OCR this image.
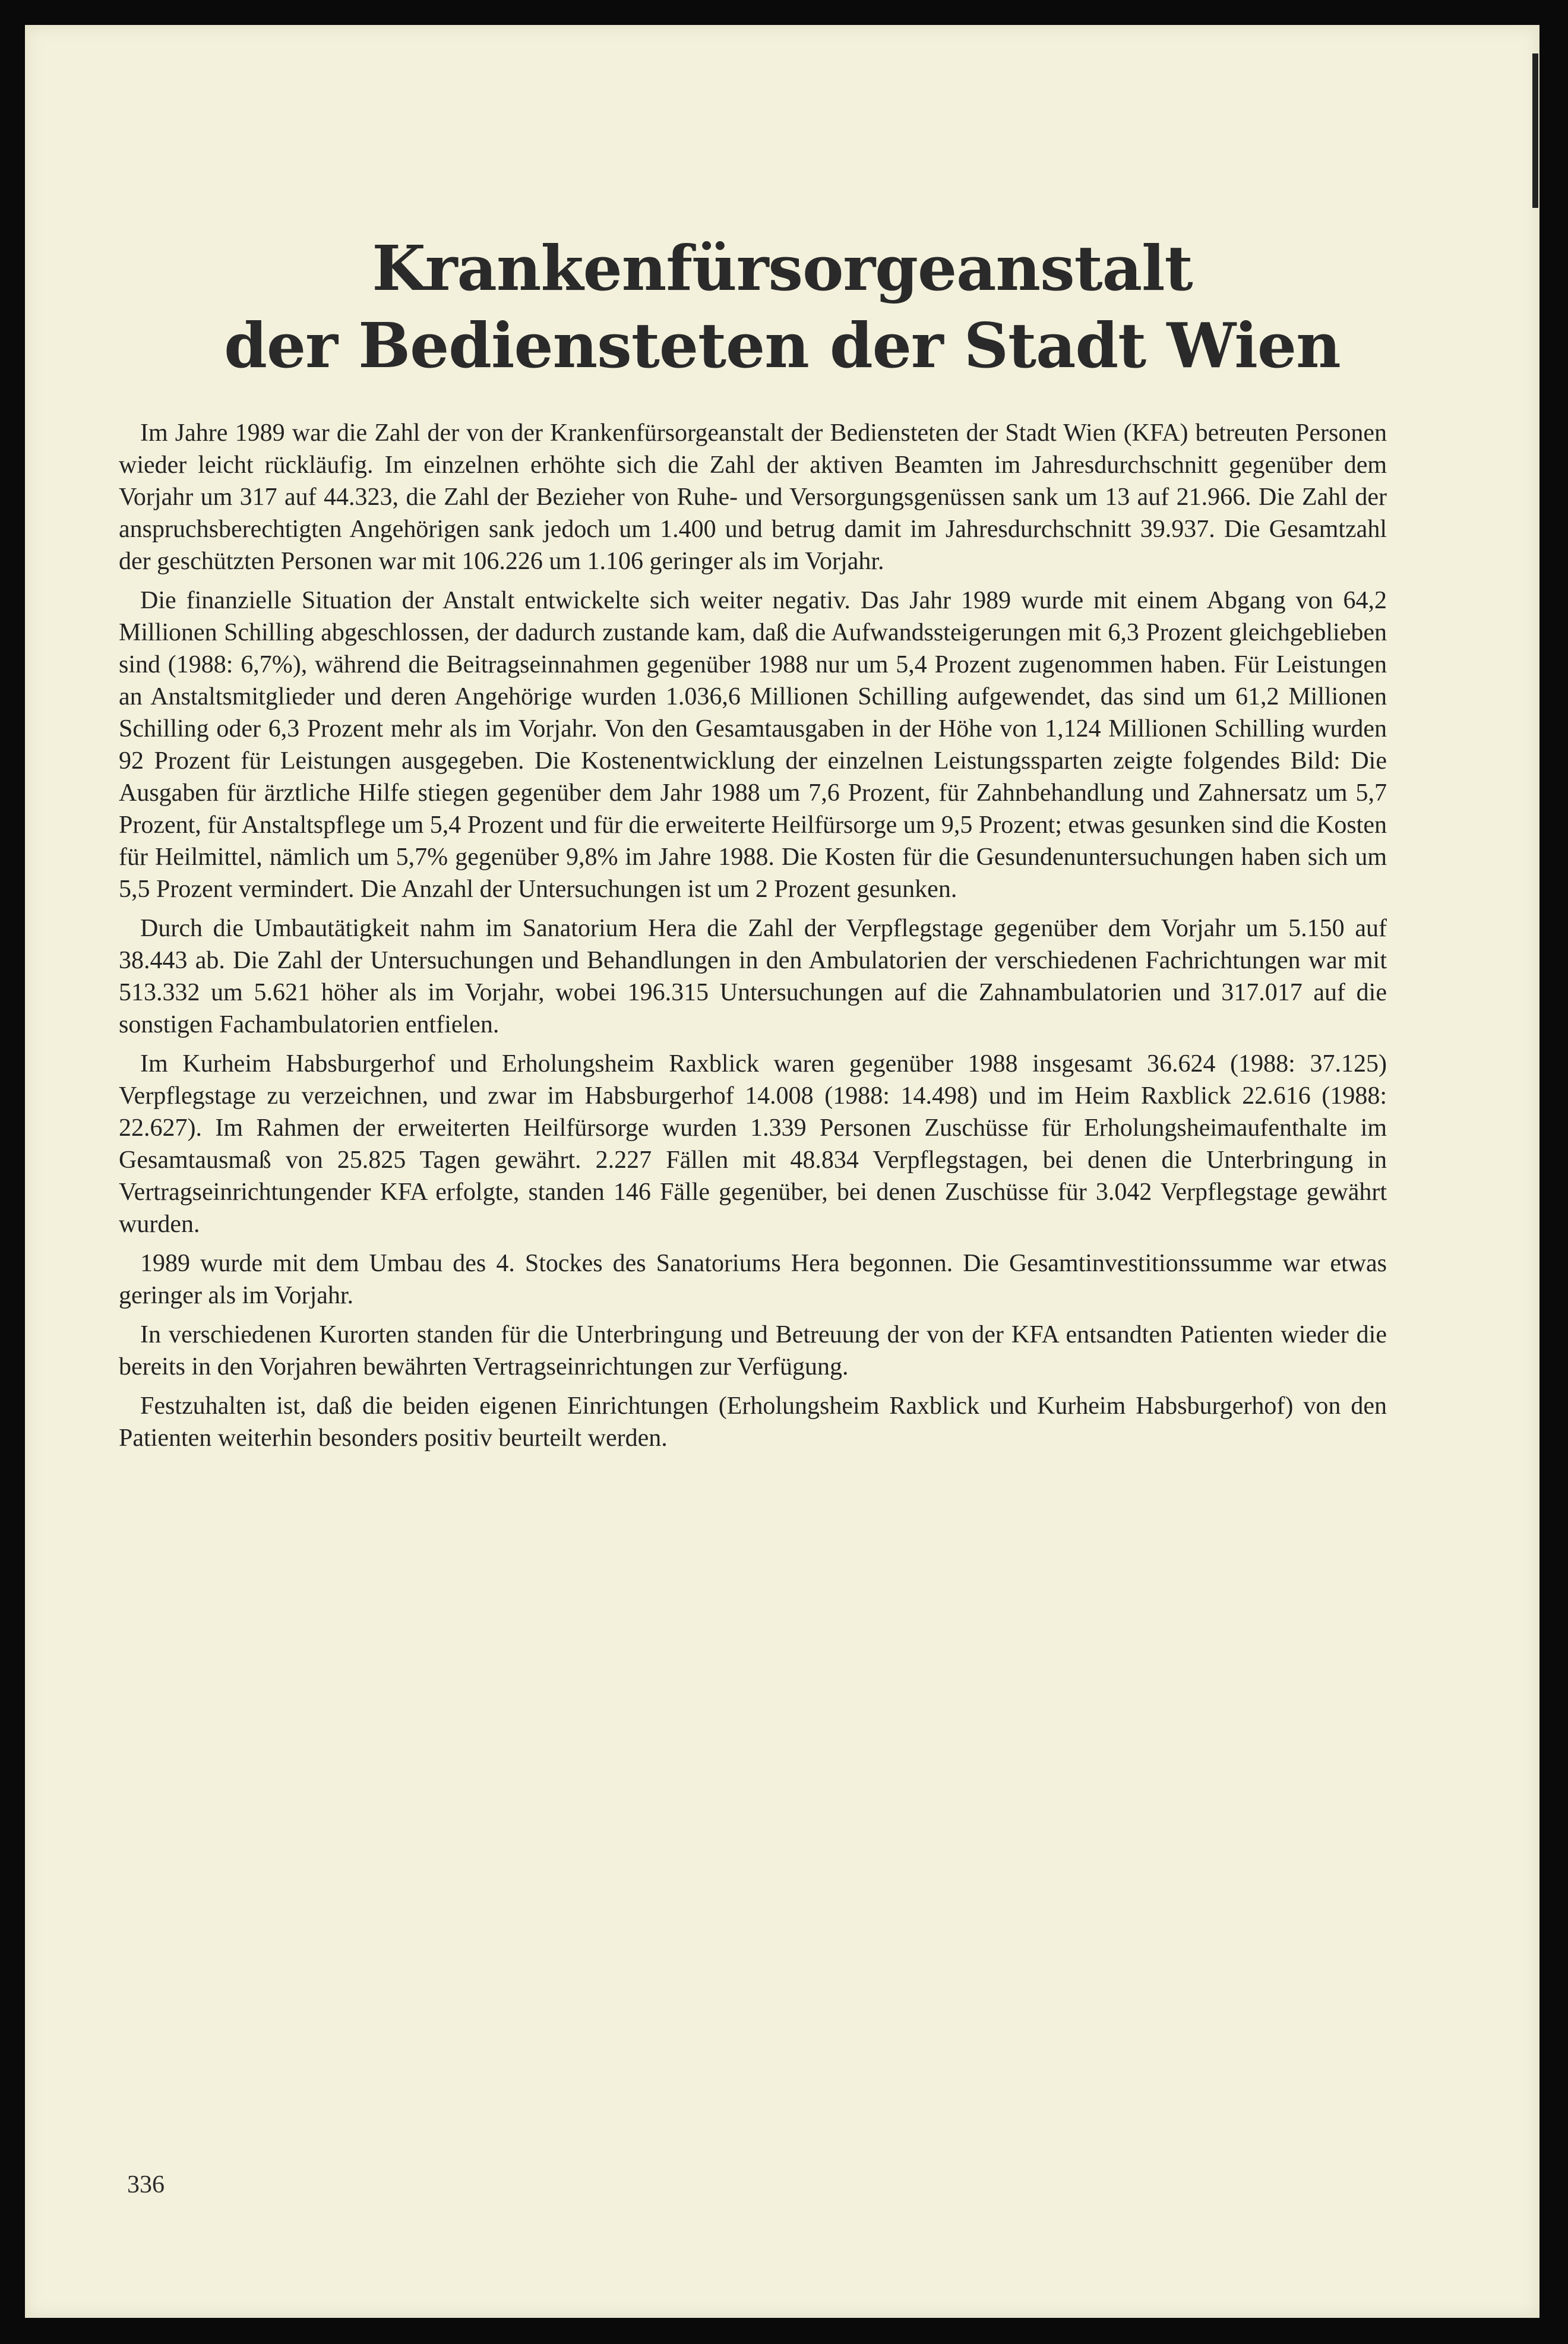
Krankenfürsorgeanstalt
der Bediensteten der Stadt Wien

Im Jahre 1989 war die Zahl der von der Krankenfürsorgeanstalt der Bediensteten der Stadt Wien (KFA) betreuten Personen wieder leicht rückläufig. Im einzelnen erhöhte sich die Zahl der aktiven Beamten im Jahresdurchschnitt gegenüber dem Vorjahr um 317 auf 44.323, die Zahl der Bezieher von Ruhe- und Versorgungsgenüssen sank um 13 auf 21.966. Die Zahl der anspruchsberechtigten Angehörigen sank jedoch um 1.400 und betrug damit im Jahresdurchschnitt 39.937. Die Gesamtzahl der geschützten Personen war mit 106.226 um 1.106 geringer als im Vorjahr.

Die finanzielle Situation der Anstalt entwickelte sich weiter negativ. Das Jahr 1989 wurde mit einem Abgang von 64,2 Millionen Schilling abgeschlossen, der dadurch zustande kam, daß die Aufwandssteigerungen mit 6,3 Prozent gleichgeblieben sind (1988: 6,7%), während die Beitragseinnahmen gegenüber 1988 nur um 5,4 Prozent zugenommen haben. Für Leistungen an Anstaltsmitglieder und deren Angehörige wurden 1.036,6 Millionen Schilling aufgewendet, das sind um 61,2 Millionen Schilling oder 6,3 Prozent mehr als im Vorjahr. Von den Gesamtausgaben in der Höhe von 1,124 Millionen Schilling wurden 92 Prozent für Leistungen ausgegeben. Die Kostenentwicklung der einzelnen Leistungssparten zeigte folgendes Bild: Die Ausgaben für ärztliche Hilfe stiegen gegenüber dem Jahr 1988 um 7,6 Prozent, für Zahnbehandlung und Zahnersatz um 5,7 Prozent, für Anstaltspflege um 5,4 Prozent und für die erweiterte Heilfürsorge um 9,5 Prozent; etwas gesunken sind die Kosten für Heilmittel, nämlich um 5,7% gegenüber 9,8% im Jahre 1988. Die Kosten für die Gesundenuntersuchungen haben sich um 5,5 Prozent vermindert. Die Anzahl der Untersuchungen ist um 2 Prozent gesunken.

Durch die Umbautätigkeit nahm im Sanatorium Hera die Zahl der Verpflegstage gegenüber dem Vorjahr um 5.150 auf 38.443 ab. Die Zahl der Untersuchungen und Behandlungen in den Ambulatorien der verschiedenen Fachrichtungen war mit 513.332 um 5.621 höher als im Vorjahr, wobei 196.315 Untersuchungen auf die Zahnambulatorien und 317.017 auf die sonstigen Fachambulatorien entfielen.

Im Kurheim Habsburgerhof und Erholungsheim Raxblick waren gegenüber 1988 insgesamt 36.624 (1988: 37.125) Verpflegstage zu verzeichnen, und zwar im Habsburgerhof 14.008 (1988: 14.498) und im Heim Raxblick 22.616 (1988: 22.627). Im Rahmen der erweiterten Heilfürsorge wurden 1.339 Personen Zuschüsse für Erholungsheimaufenthalte im Gesamtausmaß von 25.825 Tagen gewährt. 2.227 Fällen mit 48.834 Verpflegstagen, bei denen die Unterbringung in Vertragseinrichtungender KFA erfolgte, standen 146 Fälle gegenüber, bei denen Zuschüsse für 3.042 Verpflegstage gewährt wurden.

1989 wurde mit dem Umbau des 4. Stockes des Sanatoriums Hera begonnen. Die Gesamtinvestitionssumme war etwas geringer als im Vorjahr.

In verschiedenen Kurorten standen für die Unterbringung und Betreuung der von der KFA entsandten Patienten wieder die bereits in den Vorjahren bewährten Vertragseinrichtungen zur Verfügung.

Festzuhalten ist, daß die beiden eigenen Einrichtungen (Erholungsheim Raxblick und Kurheim Habsburgerhof) von den Patienten weiterhin besonders positiv beurteilt werden.

336
